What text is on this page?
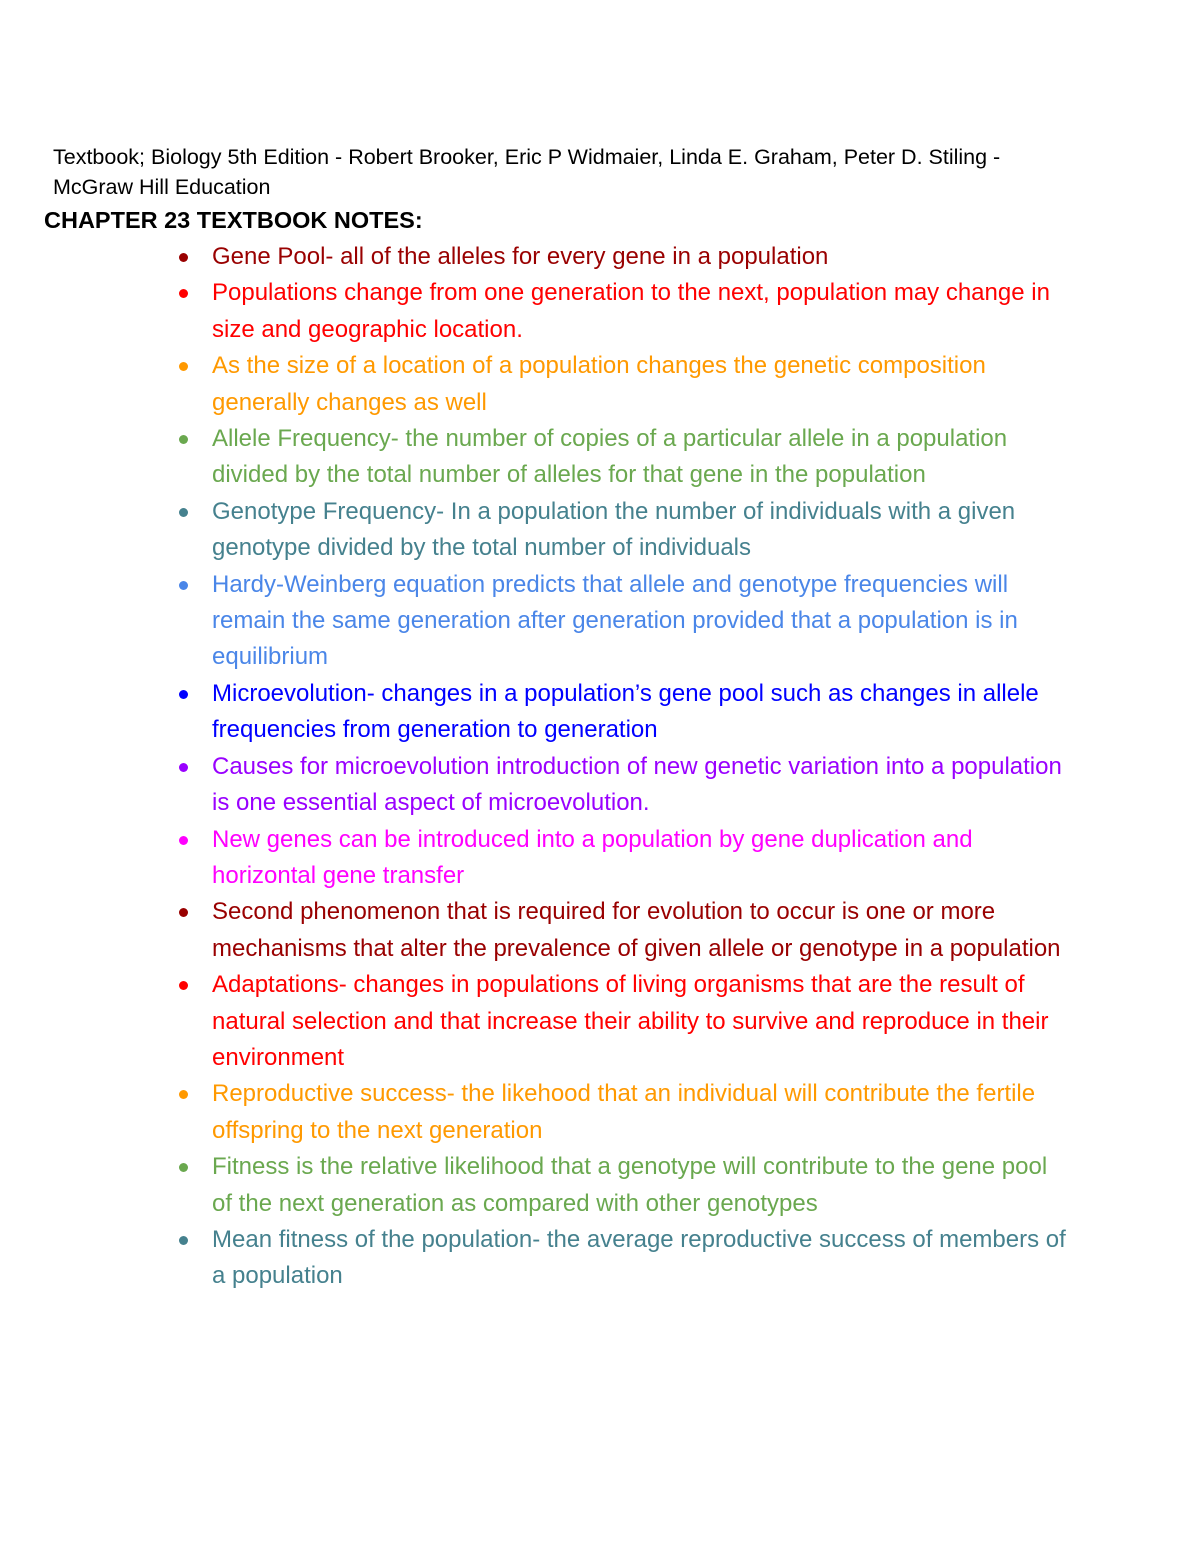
Textbook; Biology 5th Edition - Robert Brooker, Eric P Widmaier, Linda E. Graham, Peter D. Stiling - McGraw Hill Education
CHAPTER 23 TEXTBOOK NOTES:
Gene Pool- all of the alleles for every gene in a population
Populations change from one generation to the next, population may change in size and geographic location.
As the size of a location of a population changes the genetic composition generally changes as well
Allele Frequency- the number of copies of a particular allele in a population divided by the total number of alleles for that gene in the population
Genotype Frequency- In a population the number of individuals with a given genotype divided by the total number of individuals
Hardy-Weinberg equation predicts that allele and genotype frequencies will remain the same generation after generation provided that a population is in equilibrium
Microevolution- changes in a population’s gene pool such as changes in allele frequencies from generation to generation
Causes for microevolution introduction of new genetic variation into a population is one essential aspect of microevolution.
New genes can be introduced into a population by gene duplication and horizontal gene transfer
Second phenomenon that is required for evolution to occur is one or more mechanisms that alter the prevalence of given allele or genotype in a population
Adaptations- changes in populations of living organisms that are the result of natural selection and that increase their ability to survive and reproduce in their environment
Reproductive success- the likehood that an individual will contribute the fertile offspring to the next generation
Fitness is the relative likelihood that a genotype will contribute to the gene pool of the next generation as compared with other genotypes
Mean fitness of the population- the average reproductive success of members of a population
